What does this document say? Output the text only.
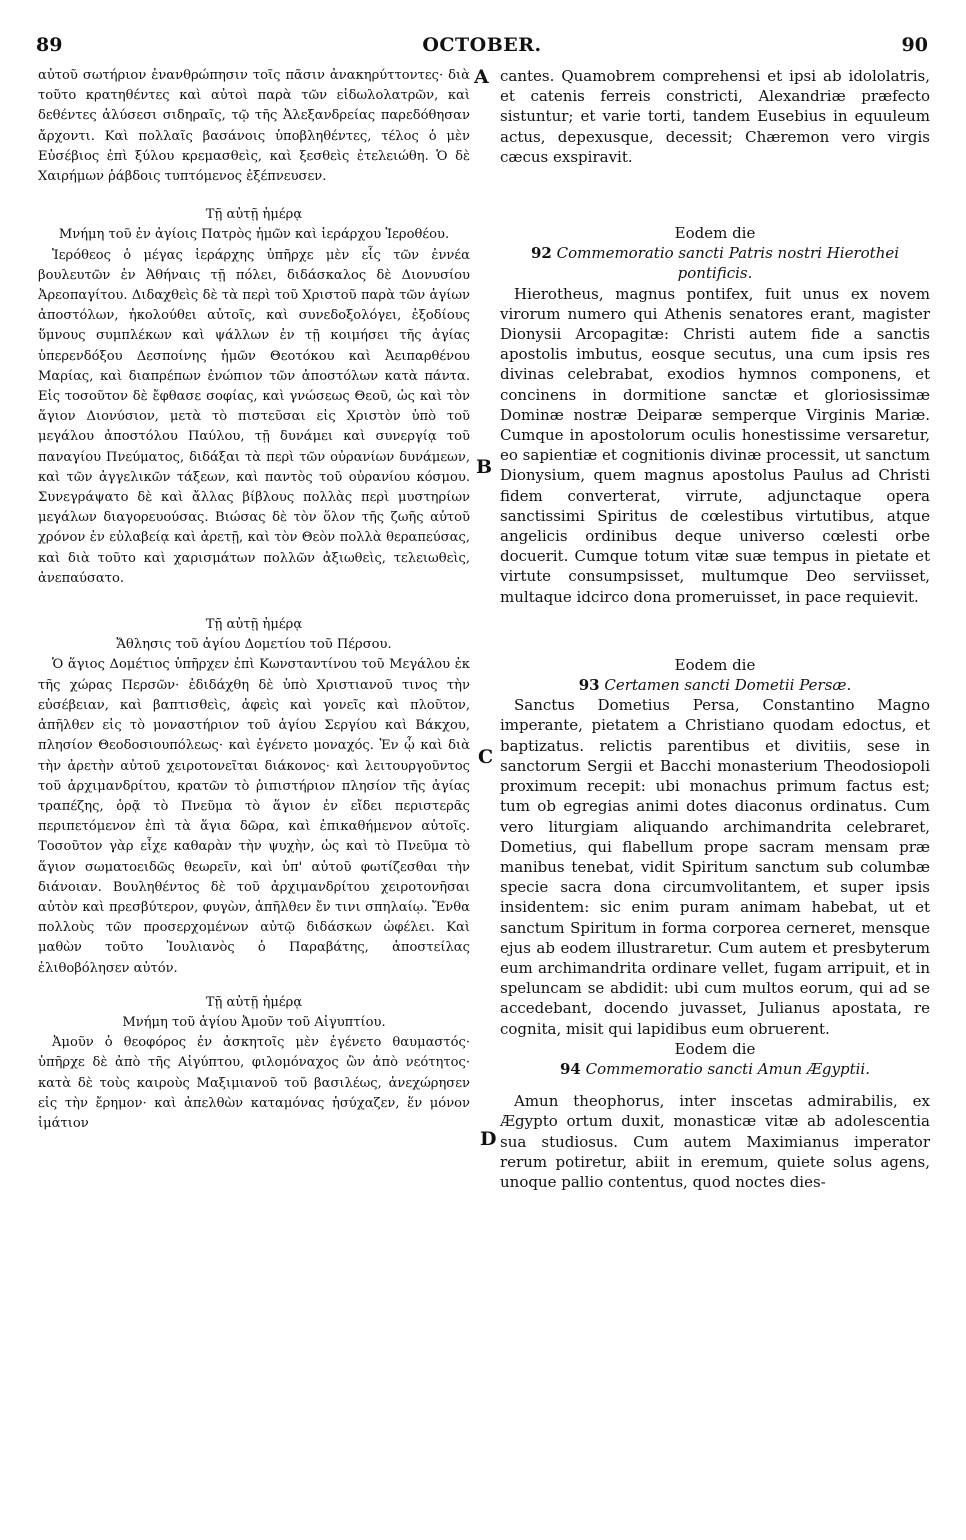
89	OCTOBER.	90
A
B
C
D

αὐτοῦ σωτήριον ἐνανθρώπησιν τοῖς πᾶσιν ἀνακηρύττοντες· διὰ τοῦτο κρατηθέντες καὶ αὐτοὶ παρὰ τῶν εἰδωλολατρῶν, καὶ δεθέντες ἁλύσεσι σιδηραῖς, τῷ τῆς Ἀλεξανδρείας παρεδόθησαν ἄρχοντι. Καὶ πολλαῖς βασάνοις ὑποβληθέντες, τέλος ὁ μὲν Εὐσέβιος ἐπὶ ξύλου κρεμασθεὶς, καὶ ξεσθεὶς ἐτελειώθη. Ὁ δὲ Χαιρήμων ῥάβδοις τυπτόμενος ἐξέπνευσεν.

Τῇ αὐτῇ ἡμέρᾳ

Μνήμη τοῦ ἐν ἁγίοις Πατρὸς ἡμῶν καὶ ἱεράρχου Ἱεροθέου.

Ἱερόθεος ὁ μέγας ἱεράρχης ὑπῆρχε μὲν εἷς τῶν ἐννέα βουλευτῶν ἐν Ἀθήναις τῇ πόλει, διδάσκαλος δὲ Διονυσίου Ἀρεοπαγίτου. Διδαχθεὶς δὲ τὰ περὶ τοῦ Χριστοῦ παρὰ τῶν ἁγίων ἀποστόλων, ἠκολούθει αὐτοῖς, καὶ συνεδοξολόγει, ἐξοδίους ὕμνους συμπλέκων καὶ ψάλλων ἐν τῇ κοιμήσει τῆς ἁγίας ὑπερενδόξου Δεσποίνης ἡμῶν Θεοτόκου καὶ Ἀειπαρθένου Μαρίας, καὶ διαπρέπων ἐνώπιον τῶν ἀποστόλων κατὰ πάντα. Εἰς τοσοῦτον δὲ ἔφθασε σοφίας, καὶ γνώσεως Θεοῦ, ὡς καὶ τὸν ἅγιον Διονύσιον, μετὰ τὸ πιστεῦσαι εἰς Χριστὸν ὑπὸ τοῦ μεγάλου ἀποστόλου Παύλου, τῇ δυνάμει καὶ συνεργίᾳ τοῦ παναγίου Πνεύματος, διδάξαι τὰ περὶ τῶν οὐρανίων δυνάμεων, καὶ τῶν ἀγγελικῶν τάξεων, καὶ παντὸς τοῦ οὐρανίου κόσμου. Συνεγράψατο δὲ καὶ ἄλλας βίβλους πολλὰς περὶ μυστηρίων μεγάλων διαγορευούσας. Βιώσας δὲ τὸν ὅλον τῆς ζωῆς αὐτοῦ χρόνον ἐν εὐλαβείᾳ καὶ ἀρετῇ, καὶ τὸν Θεὸν πολλὰ θεραπεύσας, καὶ διὰ τοῦτο καὶ χαρισμάτων πολλῶν ἀξιωθεὶς, τελειωθεὶς, ἀνεπαύσατο.

Τῇ αὐτῇ ἡμέρᾳ

Ἄθλησις τοῦ ἁγίου Δομετίου τοῦ Πέρσου.

Ὁ ἅγιος Δομέτιος ὑπῆρχεν ἐπὶ Κωνσταντίνου τοῦ Μεγάλου ἐκ τῆς χώρας Περσῶν· ἐδιδάχθη δὲ ὑπὸ Χριστιανοῦ τινος τὴν εὐσέβειαν, καὶ βαπτισθεὶς, ἀφεὶς καὶ γονεῖς καὶ πλοῦτον, ἀπῆλθεν εἰς τὸ μοναστήριον τοῦ ἁγίου Σεργίου καὶ Βάκχου, πλησίον Θεοδοσιουπόλεως· καὶ ἐγένετο μοναχός. Ἐν ᾧ καὶ διὰ τὴν ἀρετὴν αὐτοῦ χειροτονεῖται διάκονος· καὶ λειτουργοῦντος τοῦ ἀρχιμανδρίτου, κρατῶν τὸ ῥιπιστήριον πλησίον τῆς ἁγίας τραπέζης, ὁρᾷ τὸ Πνεῦμα τὸ ἅγιον ἐν εἴδει περιστερᾶς περιπετόμενον ἐπὶ τὰ ἅγια δῶρα, καὶ ἐπικαθήμενον αὐτοῖς. Τοσοῦτον γὰρ εἶχε καθαρὰν τὴν ψυχὴν, ὡς καὶ τὸ Πνεῦμα τὸ ἅγιον σωματοειδῶς θεωρεῖν, καὶ ὑπ' αὐτοῦ φωτίζεσθαι τὴν διάνοιαν. Βουληθέντος δὲ τοῦ ἀρχιμανδρίτου χειροτονῆσαι αὐτὸν καὶ πρεσβύτερον, φυγὼν, ἀπῆλθεν ἔν τινι σπηλαίῳ. Ἔνθα πολλοὺς τῶν προσερχομένων αὐτῷ διδάσκων ὠφέλει. Καὶ μαθὼν τοῦτο Ἰουλιανὸς ὁ Παραβάτης, ἀποστείλας ἐλιθοβόλησεν αὐτόν.

Τῇ αὐτῇ ἡμέρᾳ

Μνήμη τοῦ ἁγίου Ἀμοῦν τοῦ Αἰγυπτίου.

Ἀμοῦν ὁ θεοφόρος ἐν ἀσκητοῖς μὲν ἐγένετο θαυμαστός· ὑπῆρχε δὲ ἀπὸ τῆς Αἰγύπτου, φιλομόναχος ὢν ἀπὸ νεότητος· κατὰ δὲ τοὺς καιροὺς Μαξιμιανοῦ τοῦ βασιλέως, ἀνεχώρησεν εἰς τὴν ἔρημον· καὶ ἀπελθὼν καταμόνας ἡσύχαζεν, ἕν μόνον ἱμάτιον

cantes. Quamobrem comprehensi et ipsi ab idololatris, et catenis ferreis constricti, Alexandriæ præfecto sistuntur; et varie torti, tandem Eusebius in equuleum actus, depexusque, decessit; Chæremon vero virgis cæcus exspiravit.

Eodem die

92 Commemoratio sancti Patris nostri Hierothei pontificis.

Hierotheus, magnus pontifex, fuit unus ex novem virorum numero qui Athenis senatores erant, magister Dionysii Arcopagitæ: Christi autem fide a sanctis apostolis imbutus, eosque secutus, una cum ipsis res divinas celebrabat, exodios hymnos componens, et concinens in dormitione sanctæ et gloriosissimæ Dominæ nostræ Deiparæ semperque Virginis Mariæ. Cumque in apostolorum oculis honestissime versaretur, eo sapientiæ et cognitionis divinæ processit, ut sanctum Dionysium, quem magnus apostolus Paulus ad Christi fidem converterat, virrute, adjunctaque opera sanctissimi Spiritus de cœlestibus virtutibus, atque angelicis ordinibus deque universo cœlesti orbe docuerit. Cumque totum vitæ suæ tempus in pietate et virtute consumpsisset, multumque Deo serviisset, multaque idcirco dona promeruisset, in pace requievit.

Eodem die

93 Certamen sancti Dometii Persæ.

Sanctus Dometius Persa, Constantino Magno imperante, pietatem a Christiano quodam edoctus, et baptizatus. relictis parentibus et divitiis, sese in sanctorum Sergii et Bacchi monasterium Theodosiopoli proximum recepit: ubi monachus primum factus est; tum ob egregias animi dotes diaconus ordinatus. Cum vero liturgiam aliquando archimandrita celebraret, Dometius, qui flabellum prope sacram mensam præ manibus tenebat, vidit Spiritum sanctum sub columbæ specie sacra dona circumvolitantem, et super ipsis insidentem: sic enim puram animam habebat, ut et sanctum Spiritum in forma corporea cerneret, mensque ejus ab eodem illustraretur. Cum autem et presbyterum eum archimandrita ordinare vellet, fugam arripuit, et in speluncam se abdidit: ubi cum multos eorum, qui ad se accedebant, docendo juvasset, Julianus apostata, re cognita, misit qui lapidibus eum obruerent.

Eodem die

94 Commemoratio sancti Amun Ægyptii.

Amun theophorus, inter inscetas admirabilis, ex Ægypto ortum duxit, monasticæ vitæ ab adolescentia sua studiosus. Cum autem Maximianus imperator rerum potiretur, abiit in eremum, quiete solus agens, unoque pallio contentus, quod noctes dies-
